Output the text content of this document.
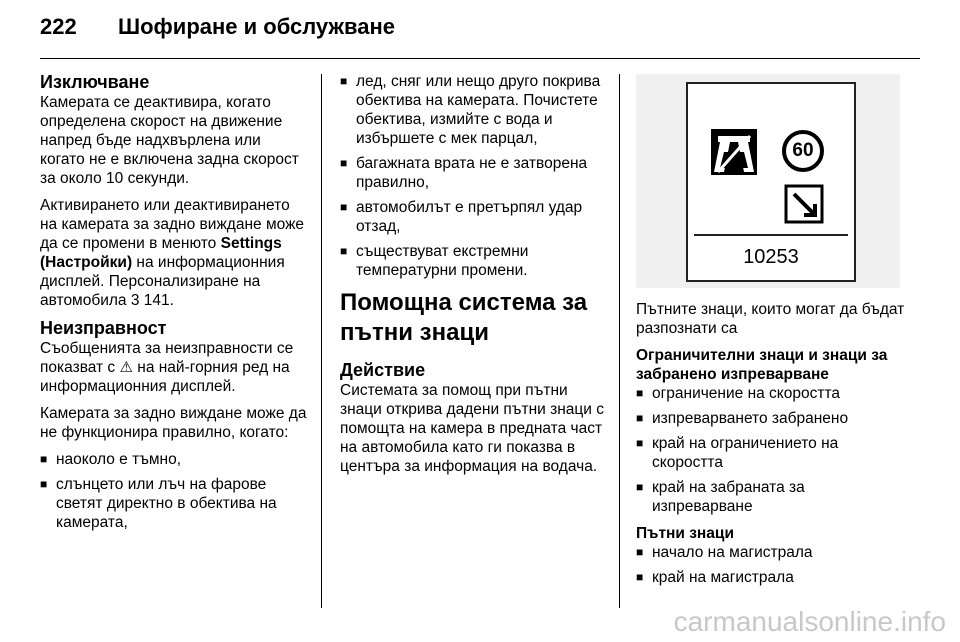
222 Шофиране и обслужване
Изключване

Камерата се деактивира, когато определена скорост на движение напред бъде надхвърлена или когато не е включена задна скорост за около 10 секунди.

Активирането или деактивирането на камерата за задно виждане може да се промени в менюто Settings (Настройки) на информационния дисплей. Персонализиране на автомобила 3 141.

Неизправност

Съобщенията за неизправности се показват с ⚠ на най-горния ред на информационния дисплей.

Камерата за задно виждане може да не функционира правилно, когато:

■ наоколо е тъмно,
■ слънцето или лъч на фарове светят директно в обектива на камерата,
■ лед, сняг или нещо друго покрива обектива на камерата. Почистете обектива, измийте с вода и избършете с мек парцал,
■ багажната врата не е затворена правилно,
■ автомобилът е претърпял удар отзад,
■ съществуват екстремни температурни промени.
Помощна система за пътни знаци
Действие

Системата за помощ при пътни знаци открива дадени пътни знаци с помощта на камера в предната част на автомобила като ги показва в центъра за информация на водача.

60
10253

Пътните знаци, които могат да бъдат разпознати са

Ограничителни знаци и знаци за забранено изпреварване
■ ограничение на скоростта
■ изпреварването забранено
■ край на ограничението на скоростта
■ край на забраната за изпреварване
Пътни знаци
■ начало на магистрала
■ край на магистрала
carmanualsonline.info
